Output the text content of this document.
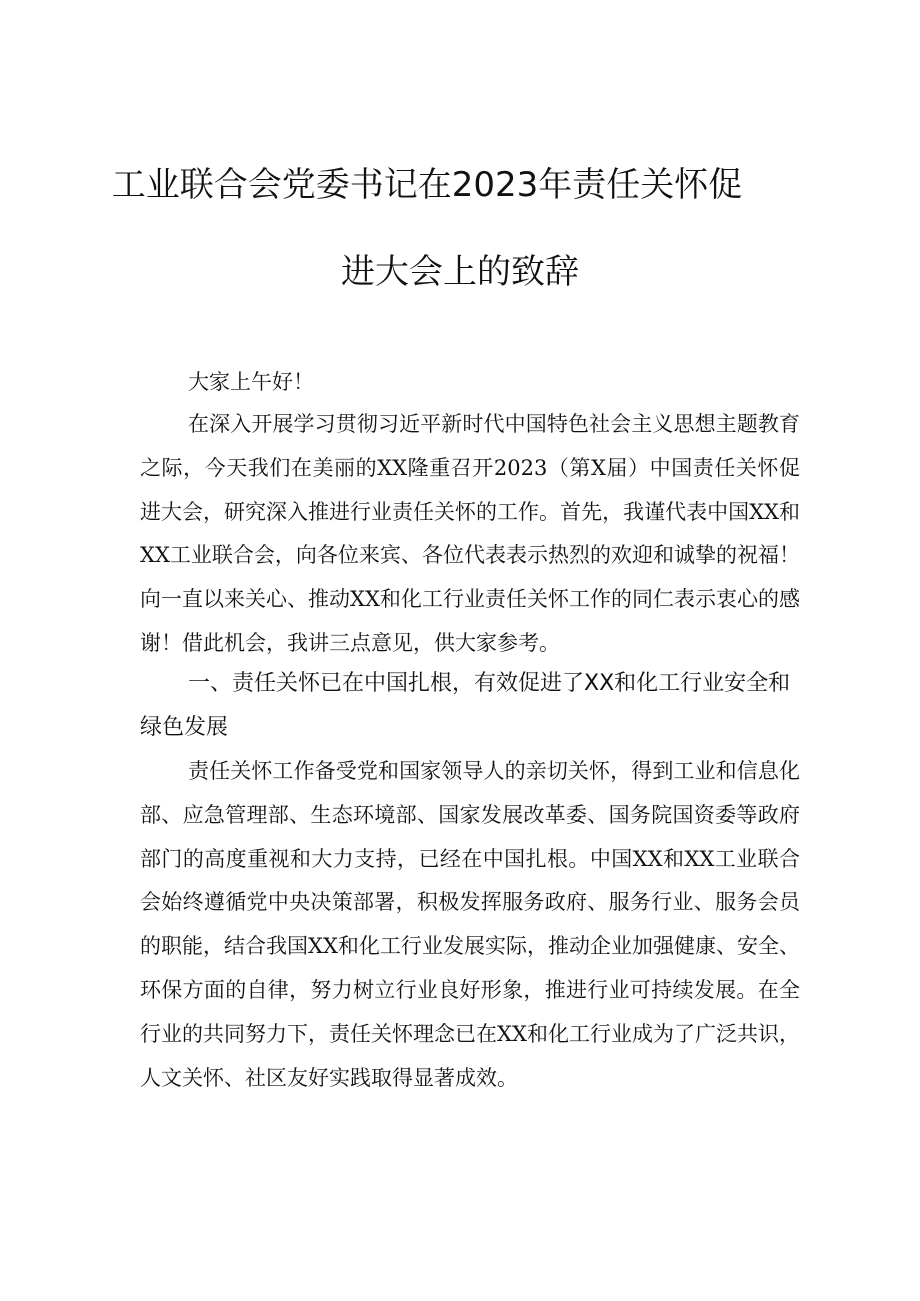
工业联合会党委书记在2023年责任关怀促
进大会上的致辞

大家上午好！

在深入开展学习贯彻习近平新时代中国特色社会主义思想主题教育之际，今天我们在美丽的XX隆重召开2023（第X届）中国责任关怀促进大会，研究深入推进行业责任关怀的工作。首先，我谨代表中国XX和XX工业联合会，向各位来宾、各位代表表示热烈的欢迎和诚挚的祝福！向一直以来关心、推动XX和化工行业责任关怀工作的同仁表示衷心的感谢！借此机会，我讲三点意见，供大家参考。

一、责任关怀已在中国扎根，有效促进了XX和化工行业安全和绿色发展

责任关怀工作备受党和国家领导人的亲切关怀，得到工业和信息化部、应急管理部、生态环境部、国家发展改革委、国务院国资委等政府部门的高度重视和大力支持，已经在中国扎根。中国XX和XX工业联合会始终遵循党中央决策部署，积极发挥服务政府、服务行业、服务会员的职能，结合我国XX和化工行业发展实际，推动企业加强健康、安全、环保方面的自律，努力树立行业良好形象，推进行业可持续发展。在全行业的共同努力下，责任关怀理念已在XX和化工行业成为了广泛共识，人文关怀、社区友好实践取得显著成效。
